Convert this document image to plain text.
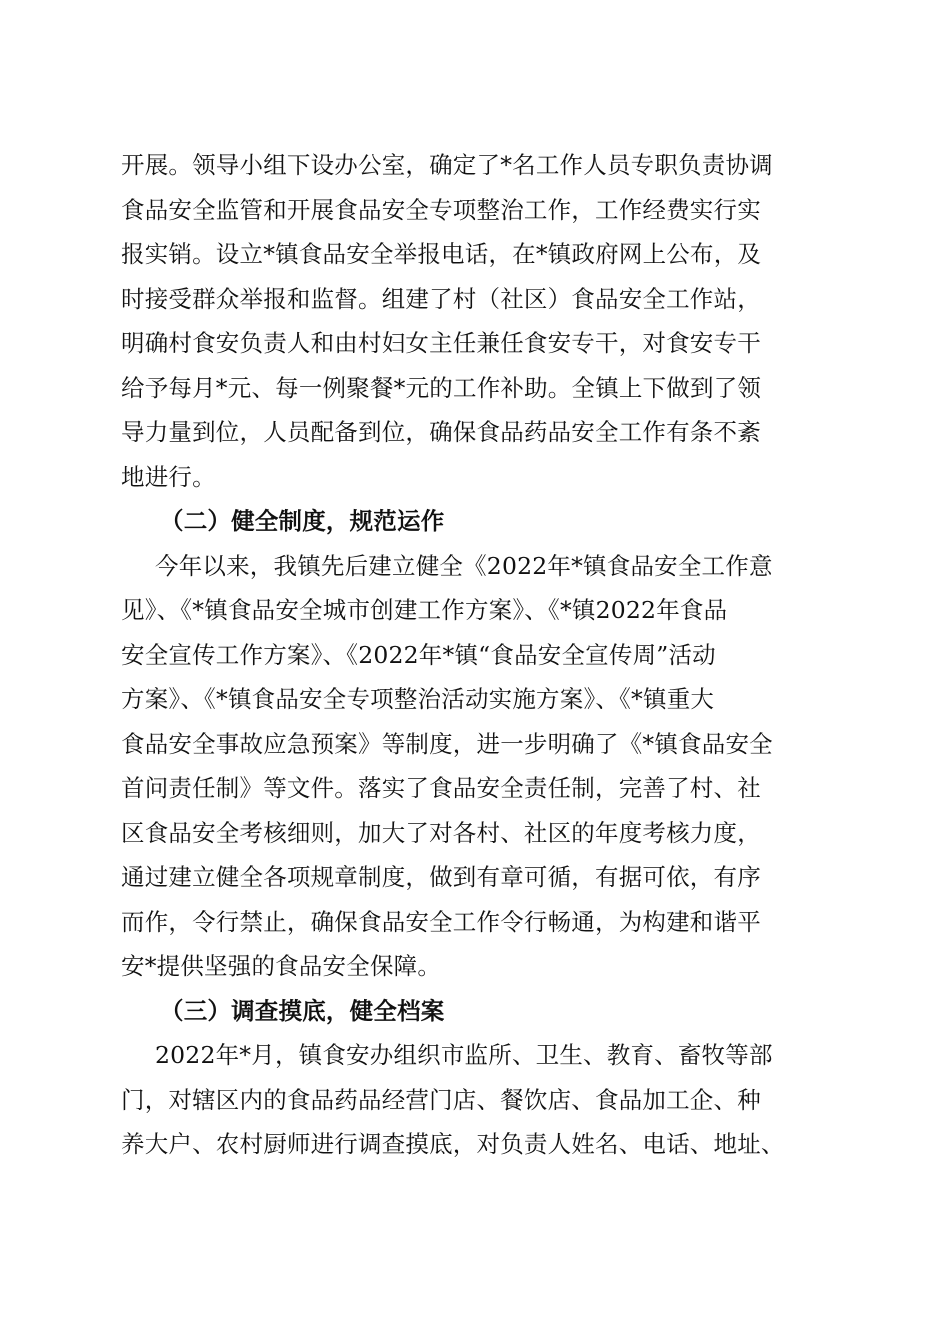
开展。领导小组下设办公室，确定了*名工作人员专职负责协调
食品安全监管和开展食品安全专项整治工作，工作经费实行实
报实销。设立*镇食品安全举报电话，在*镇政府网上公布，及
时接受群众举报和监督。组建了村（社区）食品安全工作站，
明确村食安负责人和由村妇女主任兼任食安专干，对食安专干
给予每月*元、每一例聚餐*元的工作补助。全镇上下做到了领
导力量到位，人员配备到位，确保食品药品安全工作有条不紊
地进行。
（二）健全制度，规范运作
今年以来，我镇先后建立健全《2022年*镇食品安全工作意
见》、《*镇食品安全城市创建工作方案》、《*镇2022年食品
安全宣传工作方案》、《2022年*镇“食品安全宣传周”活动
方案》、《*镇食品安全专项整治活动实施方案》、《*镇重大
食品安全事故应急预案》等制度，进一步明确了《*镇食品安全
首问责任制》等文件。落实了食品安全责任制，完善了村、社
区食品安全考核细则，加大了对各村、社区的年度考核力度，
通过建立健全各项规章制度，做到有章可循，有据可依，有序
而作，令行禁止，确保食品安全工作令行畅通，为构建和谐平
安*提供坚强的食品安全保障。
（三）调查摸底，健全档案
2022年*月，镇食安办组织市监所、卫生、教育、畜牧等部
门，对辖区内的食品药品经营门店、餐饮店、食品加工企、种
养大户、农村厨师进行调查摸底，对负责人姓名、电话、地址、
